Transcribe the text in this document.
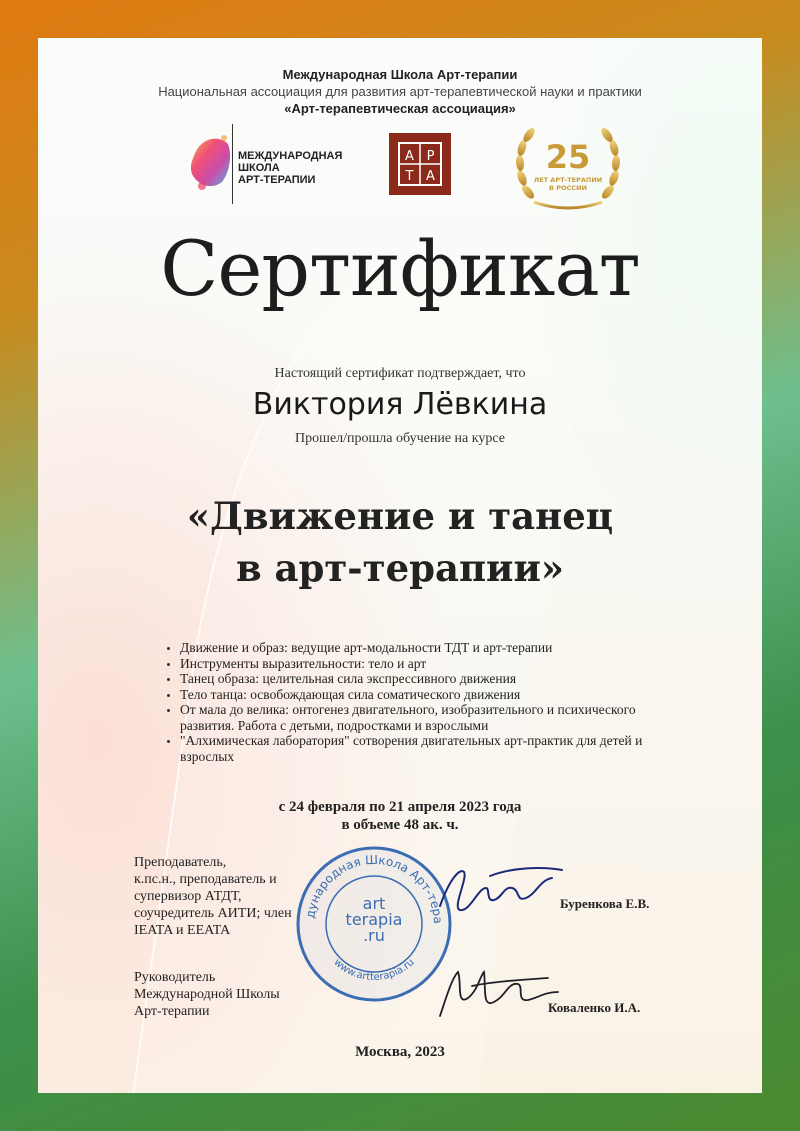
Международная Школа Арт-терапии
Национальная ассоциация для развития арт-терапевтической науки и практики
«Арт-терапевтическая ассоциация»
МЕЖДУНАРОДНАЯ
ШКОЛА
АРТ-ТЕРАПИИ
А Р
Т А
25
ЛЕТ АРТ-ТЕРАПИИ
В РОССИИ
Сертификат
Настоящий сертификат подтверждает, что
Виктория Лёвкина
Прошел/прошла обучение на курсе
«Движение и танец
в арт-терапии»
• Движение и образ: ведущие арт-модальности ТДТ и арт-терапии
• Инструменты выразительности: тело и арт
• Танец образа: целительная сила экспрессивного движения
• Тело танца: освобождающая сила соматического движения
• От мала до велика: онтогенез двигательного, изобразительного и психического развития. Работа с детьми, подростками и взрослыми
• "Алхимическая лаборатория" сотворения двигательных арт-практик для детей и взрослых
с 24 февраля по 21 апреля 2023 года
в объеме 48 ак. ч.
Преподаватель,
к.пс.н., преподаватель и
супервизор АТДТ,
соучредитель АИТИ; член
IEATA и EEATA
Руководитель
Международной Школы
Арт-терапии
дународная Школа Арт-тера
www.artterapia.ru
art
terapia
.ru
Буренкова Е.В.
Коваленко И.А.
Москва, 2023
